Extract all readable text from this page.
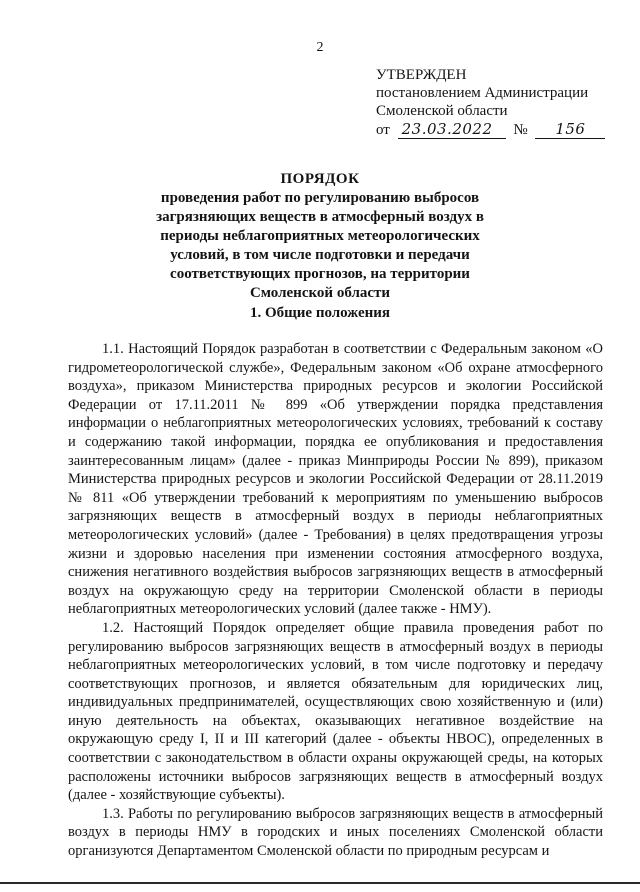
2
УТВЕРЖДЕН
постановлением Администрации
Смоленской области
от 23.03.2022 № 156
ПОРЯДОК
проведения работ по регулированию выбросов загрязняющих веществ в атмосферный воздух в периоды неблагоприятных метеорологических условий, в том числе подготовки и передачи соответствующих прогнозов, на территории Смоленской области
1. Общие положения

1.1. Настоящий Порядок разработан в соответствии с Федеральным законом «О гидрометеорологической службе», Федеральным законом «Об охране атмосферного воздуха», приказом Министерства природных ресурсов и экологии Российской Федерации от 17.11.2011 № 899 «Об утверждении порядка представления информации о неблагоприятных метеорологических условиях, требований к составу и содержанию такой информации, порядка ее опубликования и предоставления заинтересованным лицам» (далее - приказ Минприроды России № 899), приказом Министерства природных ресурсов и экологии Российской Федерации от 28.11.2019 № 811 «Об утверждении требований к мероприятиям по уменьшению выбросов загрязняющих веществ в атмосферный воздух в периоды неблагоприятных метеорологических условий» (далее - Требования) в целях предотвращения угрозы жизни и здоровью населения при изменении состояния атмосферного воздуха, снижения негативного воздействия выбросов загрязняющих веществ в атмосферный воздух на окружающую среду на территории Смоленской области в периоды неблагоприятных метеорологических условий (далее также - НМУ).

1.2. Настоящий Порядок определяет общие правила проведения работ по регулированию выбросов загрязняющих веществ в атмосферный воздух в периоды неблагоприятных метеорологических условий, в том числе подготовку и передачу соответствующих прогнозов, и является обязательным для юридических лиц, индивидуальных предпринимателей, осуществляющих свою хозяйственную и (или) иную деятельность на объектах, оказывающих негативное воздействие на окружающую среду I, II и III категорий (далее - объекты НВОС), определенных в соответствии с законодательством в области охраны окружающей среды, на которых расположены источники выбросов загрязняющих веществ в атмосферный воздух (далее - хозяйствующие субъекты).

1.3. Работы по регулированию выбросов загрязняющих веществ в атмосферный воздух в периоды НМУ в городских и иных поселениях Смоленской области организуются Департаментом Смоленской области по природным ресурсам и
